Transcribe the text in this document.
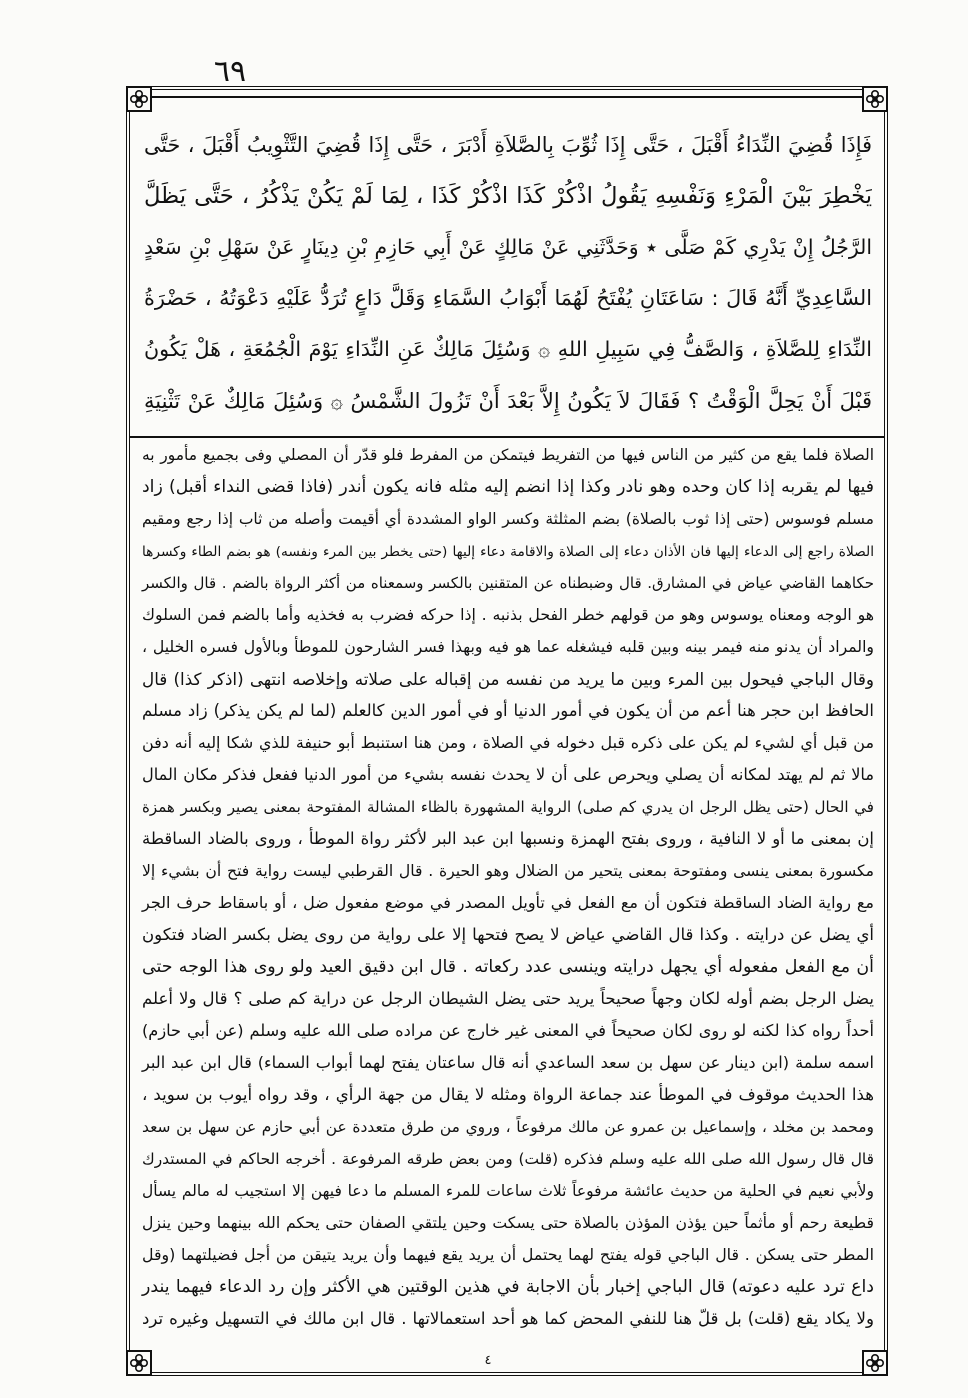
٦٩
فَإِذَا قُضِيَ النِّدَاءُ أَقْبَلَ ، حَتَّى إِذَا ثُوِّبَ بِالصَّلاَةِ أَدْبَرَ ، حَتَّى إِذَا قُضِيَ التَّثْوِيبُ أَقْبَلَ ، حَتَّى
يَخْطِرَ بَيْنَ الْمَرْءِ وَنَفْسِهِ يَقُولُ اذْكُرْ كَذَا اذْكُرْ كَذَا ، لِمَا لَمْ يَكُنْ يَذْكُرُ ، حَتَّى يَظَلَّ
الرَّجُلُ إِنْ يَدْرِي كَمْ صَلَّى ٭ وَحَدَّثَنِي عَنْ مَالِكٍ عَنْ أَبِي حَازِمِ بْنِ دِينَارٍ عَنْ سَهْلِ بْنِ سَعْدٍ
السَّاعِدِيِّ أَنَّهُ قَالَ : سَاعَتَانِ يُفْتَحُ لَهُمَا أَبْوَابُ السَّمَاءِ وَقَلَّ دَاعٍ تُرَدُّ عَلَيْهِ دَعْوَتُهُ ، حَضْرَةُ
النِّدَاءِ لِلصَّلاَةِ ، وَالصَّفُّ فِي سَبِيلِ اللهِ ۞ وَسُئِلَ مَالِكٌ عَنِ النِّدَاءِ يَوْمَ الْجُمُعَةِ ، هَلْ يَكُونُ
قَبْلَ أَنْ يَحِلَّ الْوَقْتُ ؟ فَقَالَ لاَ يَكُونُ إِلاَّ بَعْدَ أَنْ تَزُولَ الشَّمْسُ ۞ وَسُئِلَ مَالِكٌ عَنْ تَثْنِيَةِ
الصلاة فلما يقع من كثير من الناس فيها من التفريط فيتمكن من المفرط فلو قدّر أن المصلي وفى بجميع مأمور به
فيها لم يقربه إذا كان وحده وهو نادر وكذا إذا انضم إليه مثله فانه يكون أندر (فاذا قضى النداء أقبل) زاد
مسلم فوسوس (حتى إذا ثوب بالصلاة) بضم المثلثة وكسر الواو المشددة أي أقيمت وأصله من ثاب إذا رجع ومقيم
الصلاة راجع إلى الدعاء إليها فان الأذان دعاء إلى الصلاة والاقامة دعاء إليها (حتى يخطر بين المرء ونفسه) هو بضم الطاء وكسرها
حكاهما القاضي عياض في المشارق. قال وضبطناه عن المتقنين بالكسر وسمعناه من أكثر الرواة بالضم . قال والكسر
هو الوجه ومعناه يوسوس وهو من قولهم خطر الفحل بذنبه . إذا حركه فضرب به فخذيه وأما بالضم فمن السلوك
والمراد أن يدنو منه فيمر بينه وبين قلبه فيشغله عما هو فيه وبهذا فسر الشارحون للموطأ وبالأول فسره الخليل ،
وقال الباجي فيحول بين المرء وبين ما يريد من نفسه من إقباله على صلاته وإخلاصه انتهى (اذكر كذا) قال
الحافظ ابن حجر هنا أعم من أن يكون في أمور الدنيا أو في أمور الدين كالعلم (لما لم يكن يذكر) زاد مسلم
من قبل أي لشيء لم يكن على ذكره قبل دخوله في الصلاة ، ومن هنا استنبط أبو حنيفة للذي شكا إليه أنه دفن
مالا ثم لم يهتد لمكانه أن يصلي ويحرص على أن لا يحدث نفسه بشيء من أمور الدنيا ففعل فذكر مكان المال
في الحال (حتى يظل الرجل ان يدري كم صلى) الرواية المشهورة بالظاء المشالة المفتوحة بمعنى يصير وبكسر همزة
إن بمعنى ما أو لا النافية ، وروى بفتح الهمزة ونسبها ابن عبد البر لأكثر رواة الموطأ ، وروى بالضاد الساقطة
مكسورة بمعنى ينسى ومفتوحة بمعنى يتحير من الضلال وهو الحيرة . قال القرطبي ليست رواية فتح أن بشيء إلا
مع رواية الضاد الساقطة فتكون أن مع الفعل في تأويل المصدر في موضع مفعول ضل ، أو باسقاط حرف الجر
أي يضل عن درايته . وكذا قال القاضي عياض لا يصح فتحها إلا على رواية من روى يضل بكسر الضاد فتكون
أن مع الفعل مفعوله أي يجهل درايته وينسى عدد ركعاته . قال ابن دقيق العيد ولو روى هذا الوجه حتى
يضل الرجل بضم أوله لكان وجهاً صحيحاً يريد حتى يضل الشيطان الرجل عن دراية كم صلى ؟ قال ولا أعلم
أحداً رواه كذا لكنه لو روى لكان صحيحاً في المعنى غير خارج عن مراده صلى الله عليه وسلم (عن أبي حازم)
اسمه سلمة (ابن دينار عن سهل بن سعد الساعدي أنه قال ساعتان يفتح لهما أبواب السماء) قال ابن عبد البر
هذا الحديث موقوف في الموطأ عند جماعة الرواة ومثله لا يقال من جهة الرأي ، وقد رواه أيوب بن سويد ،
ومحمد بن مخلد ، وإسماعيل بن عمرو عن مالك مرفوعاً ، وروي من طرق متعددة عن أبي حازم عن سهل بن سعد
قال قال رسول الله صلى الله عليه وسلم فذكره (قلت) ومن بعض طرقه المرفوعة . أخرجه الحاكم في المستدرك
ولأبي نعيم في الحلية من حديث عائشة مرفوعاً ثلاث ساعات للمرء المسلم ما دعا فيهن إلا استجيب له مالم يسأل
قطيعة رحم أو مأثماً حين يؤذن المؤذن بالصلاة حتى يسكت وحين يلتقي الصفان حتى يحكم الله بينهما وحين ينزل
المطر حتى يسكن . قال الباجي قوله يفتح لهما يحتمل أن يريد يقع فيهما وأن يريد يتيقن من أجل فضيلتهما (وقل
داع ترد عليه دعوته) قال الباجي إخبار بأن الاجابة في هذين الوقتين هي الأكثر وإن رد الدعاء فيهما يندر
ولا يكاد يقع (قلت) بل قلّ هنا للنفي المحض كما هو أحد استعمالاتها . قال ابن مالك في التسهيل وغيره ترد
٤
